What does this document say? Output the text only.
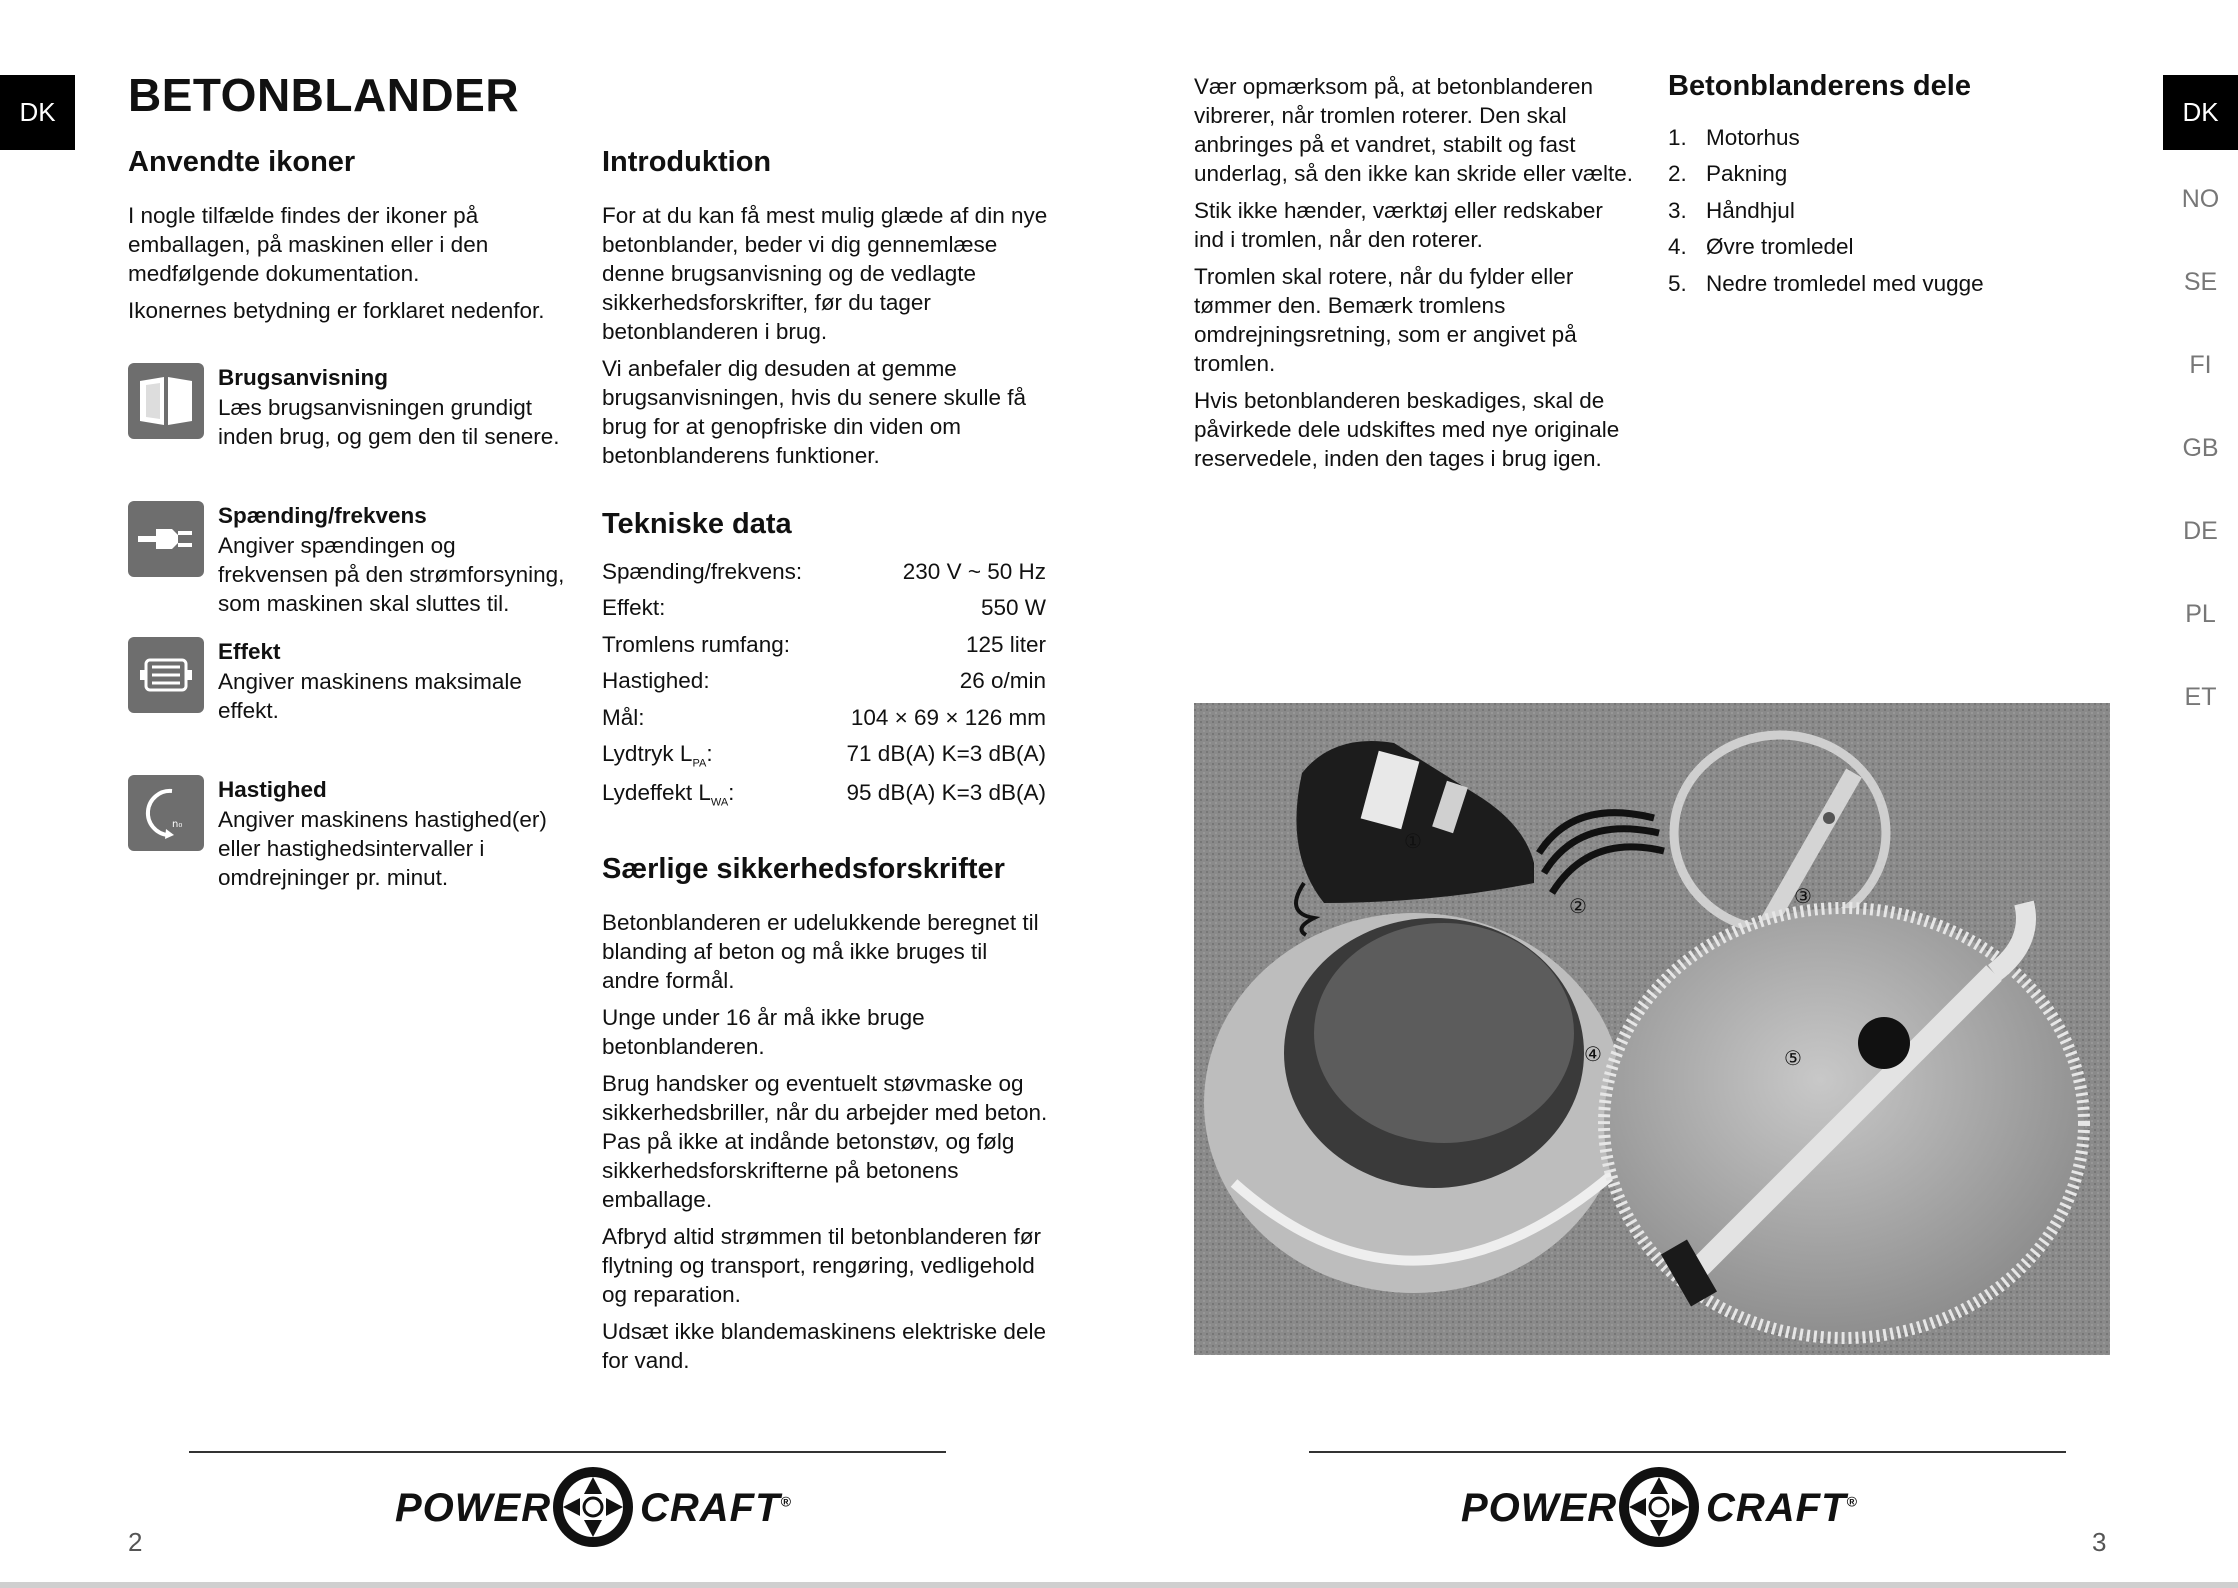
DK	DK
NO
SE
FI
GB
DE
PL
ET
BETONBLANDER
Anvendte ikoner

I nogle tilfælde findes der ikoner på emballagen, på maskinen eller i den medfølgende dokumentation.

Ikonernes betydning er forklaret nedenfor.

Brugsanvisning
Læs brugsanvisningen grundigt inden brug, og gem den til senere.
Spænding/frekvens
Angiver spændingen og frekvensen på den strømforsyning, som maskinen skal sluttes til.
Effekt
Angiver maskinens maksimale effekt.
n₀
Hastighed
Angiver maskinens hastighed(er) eller hastighedsintervaller i omdrejninger pr. minut.
Introduktion

For at du kan få mest mulig glæde af din nye betonblander, beder vi dig gennemlæse denne brugsanvisning og de vedlagte sikkerhedsforskrifter, før du tager betonblanderen i brug.

Vi anbefaler dig desuden at gemme brugsanvisningen, hvis du senere skulle få brug for at genopfriske din viden om betonblanderens funktioner.

Tekniske data
Spænding/frekvens:	230 V ~ 50 Hz
Effekt:	550 W
Tromlens rumfang:	125 liter
Hastighed:	26 o/min
Mål:	104 × 69 × 126 mm
Lydtryk $L_{PA}$:	71 dB(A) K=3 dB(A)
Lydeffekt $L_{WA}$:	95 dB(A) K=3 dB(A)
Særlige sikkerhedsforskrifter

Betonblanderen er udelukkende beregnet til blanding af beton og må ikke bruges til andre formål.

Unge under 16 år må ikke bruge betonblanderen.

Brug handsker og eventuelt støvmaske og sikkerhedsbriller, når du arbejder med beton. Pas på ikke at indånde betonstøv, og følg sikkerhedsforskrifterne på betonens emballage.

Afbryd altid strømmen til betonblanderen før flytning og transport, rengøring, vedligehold og reparation.

Udsæt ikke blandemaskinens elektriske dele for vand.

POWER CRAFT®
2

Vær opmærksom på, at betonblanderen vibrerer, når tromlen roterer. Den skal anbringes på et vandret, stabilt og fast underlag, så den ikke kan skride eller vælte.

Stik ikke hænder, værktøj eller redskaber ind i tromlen, når den roterer.

Tromlen skal rotere, når du fylder eller tømmer den. Bemærk tromlens omdrejningsretning, som er angivet på tromlen.

Hvis betonblanderen beskadiges, skal de påvirkede dele udskiftes med nye originale reservedele, inden den tages i brug igen.

Betonblanderens dele
1. Motorhus
2. Pakning
3. Håndhjul
4. Øvre tromledel
5. Nedre tromledel med vugge
①
②	③
④	⑤
POWER CRAFT®
3
